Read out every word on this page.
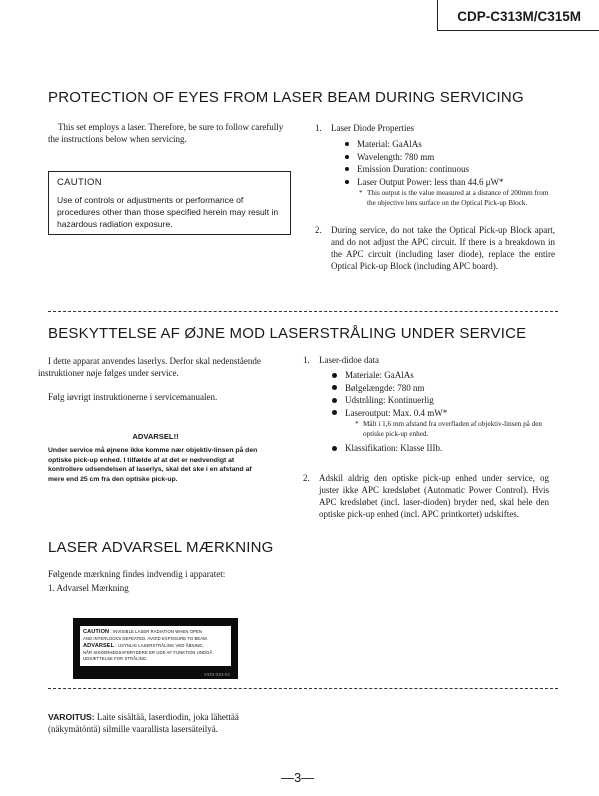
CDP-C313M/C315M
PROTECTION OF EYES FROM LASER BEAM DURING SERVICING
This set employs a laser. Therefore, be sure to follow carefully the instructions below when servicing.
CAUTION
Use of controls or adjustments or performance of procedures other than those specified herein may result in hazardous radiation exposure.
1. Laser Diode Properties
Material: GaAlAs
Wavelength: 780 mm
Emission Duration: continuous
Laser Output Power: less than 44.6 μW*
* This output is the value measured at a distance of 200mm from the objective lens surface on the Optical Pick-up Block.
2. During service, do not take the Optical Pick-up Block apart, and do not adjust the APC circuit. If there is a breakdown in the APC circuit (including laser diode), replace the entire Optical Pick-up Block (including APC board).
BESKYTTELSE AF ØJNE MOD LASERSTRÅLING UNDER SERVICE
I dette apparat anvendes laserlys. Derfor skal nedenstående instruktioner nøje følges under service.
Følg iøvrigt instruktionerne i servicemanualen.
ADVARSEL!!
Under service må øjnene ikke komme nær objektiv-linsen på den optiske pick-up enhed. I tilfælde af at det er nødvendigt at kontrollere udsendelsen af laserlys, skal det ske i en afstand af mere end 25 cm fra den optiske pick-up.
1. Laser-didoe data
Materiale: GaAlAs
Bølgelængde: 780 nm
Udstråling: Kontinuerlig
Laseroutput: Max. 0.4 mW*
* Målt i 1,6 mm afstand fra overfladen af objektiv-linsen på den optiske pick-up enhed.
Klassifikation: Klasse IIIb.
2. Adskil aldrig den optiske pick-up enhed under service, og juster ikke APC kredsløbet (Automatic Power Control). Hvis APC kredsløbet (incl. laser-dioden) bryder ned, skal hele den optiske pick-up enhed (incl. APC printkortet) udskiftes.
LASER ADVARSEL MÆRKNING
Følgende mærkning findes indvendig i apparatet:
1. Advarsel Mærkning
CAUTION : INVISIBLE LASER RADIATION WHEN OPEN
AND INTERLOCKS DEFEATED. AVOID EXPOSURE TO BEAM.
ADVARSEL : USYNLIG LASERSTRÅLING VED ÅBNING,
NÅR SIKKERHEDSAFBRYDERE ER UDE AF FUNKTION UNDGÅ
UDSÆTTELSE FOR STRÅLING.
3-XXX-XXX-XX
VAROITUS: Laite sisältää, laserdiodin, joka lähettää
(näkymätöntä) silmille vaarallista lasersäteilyä.
—3—
